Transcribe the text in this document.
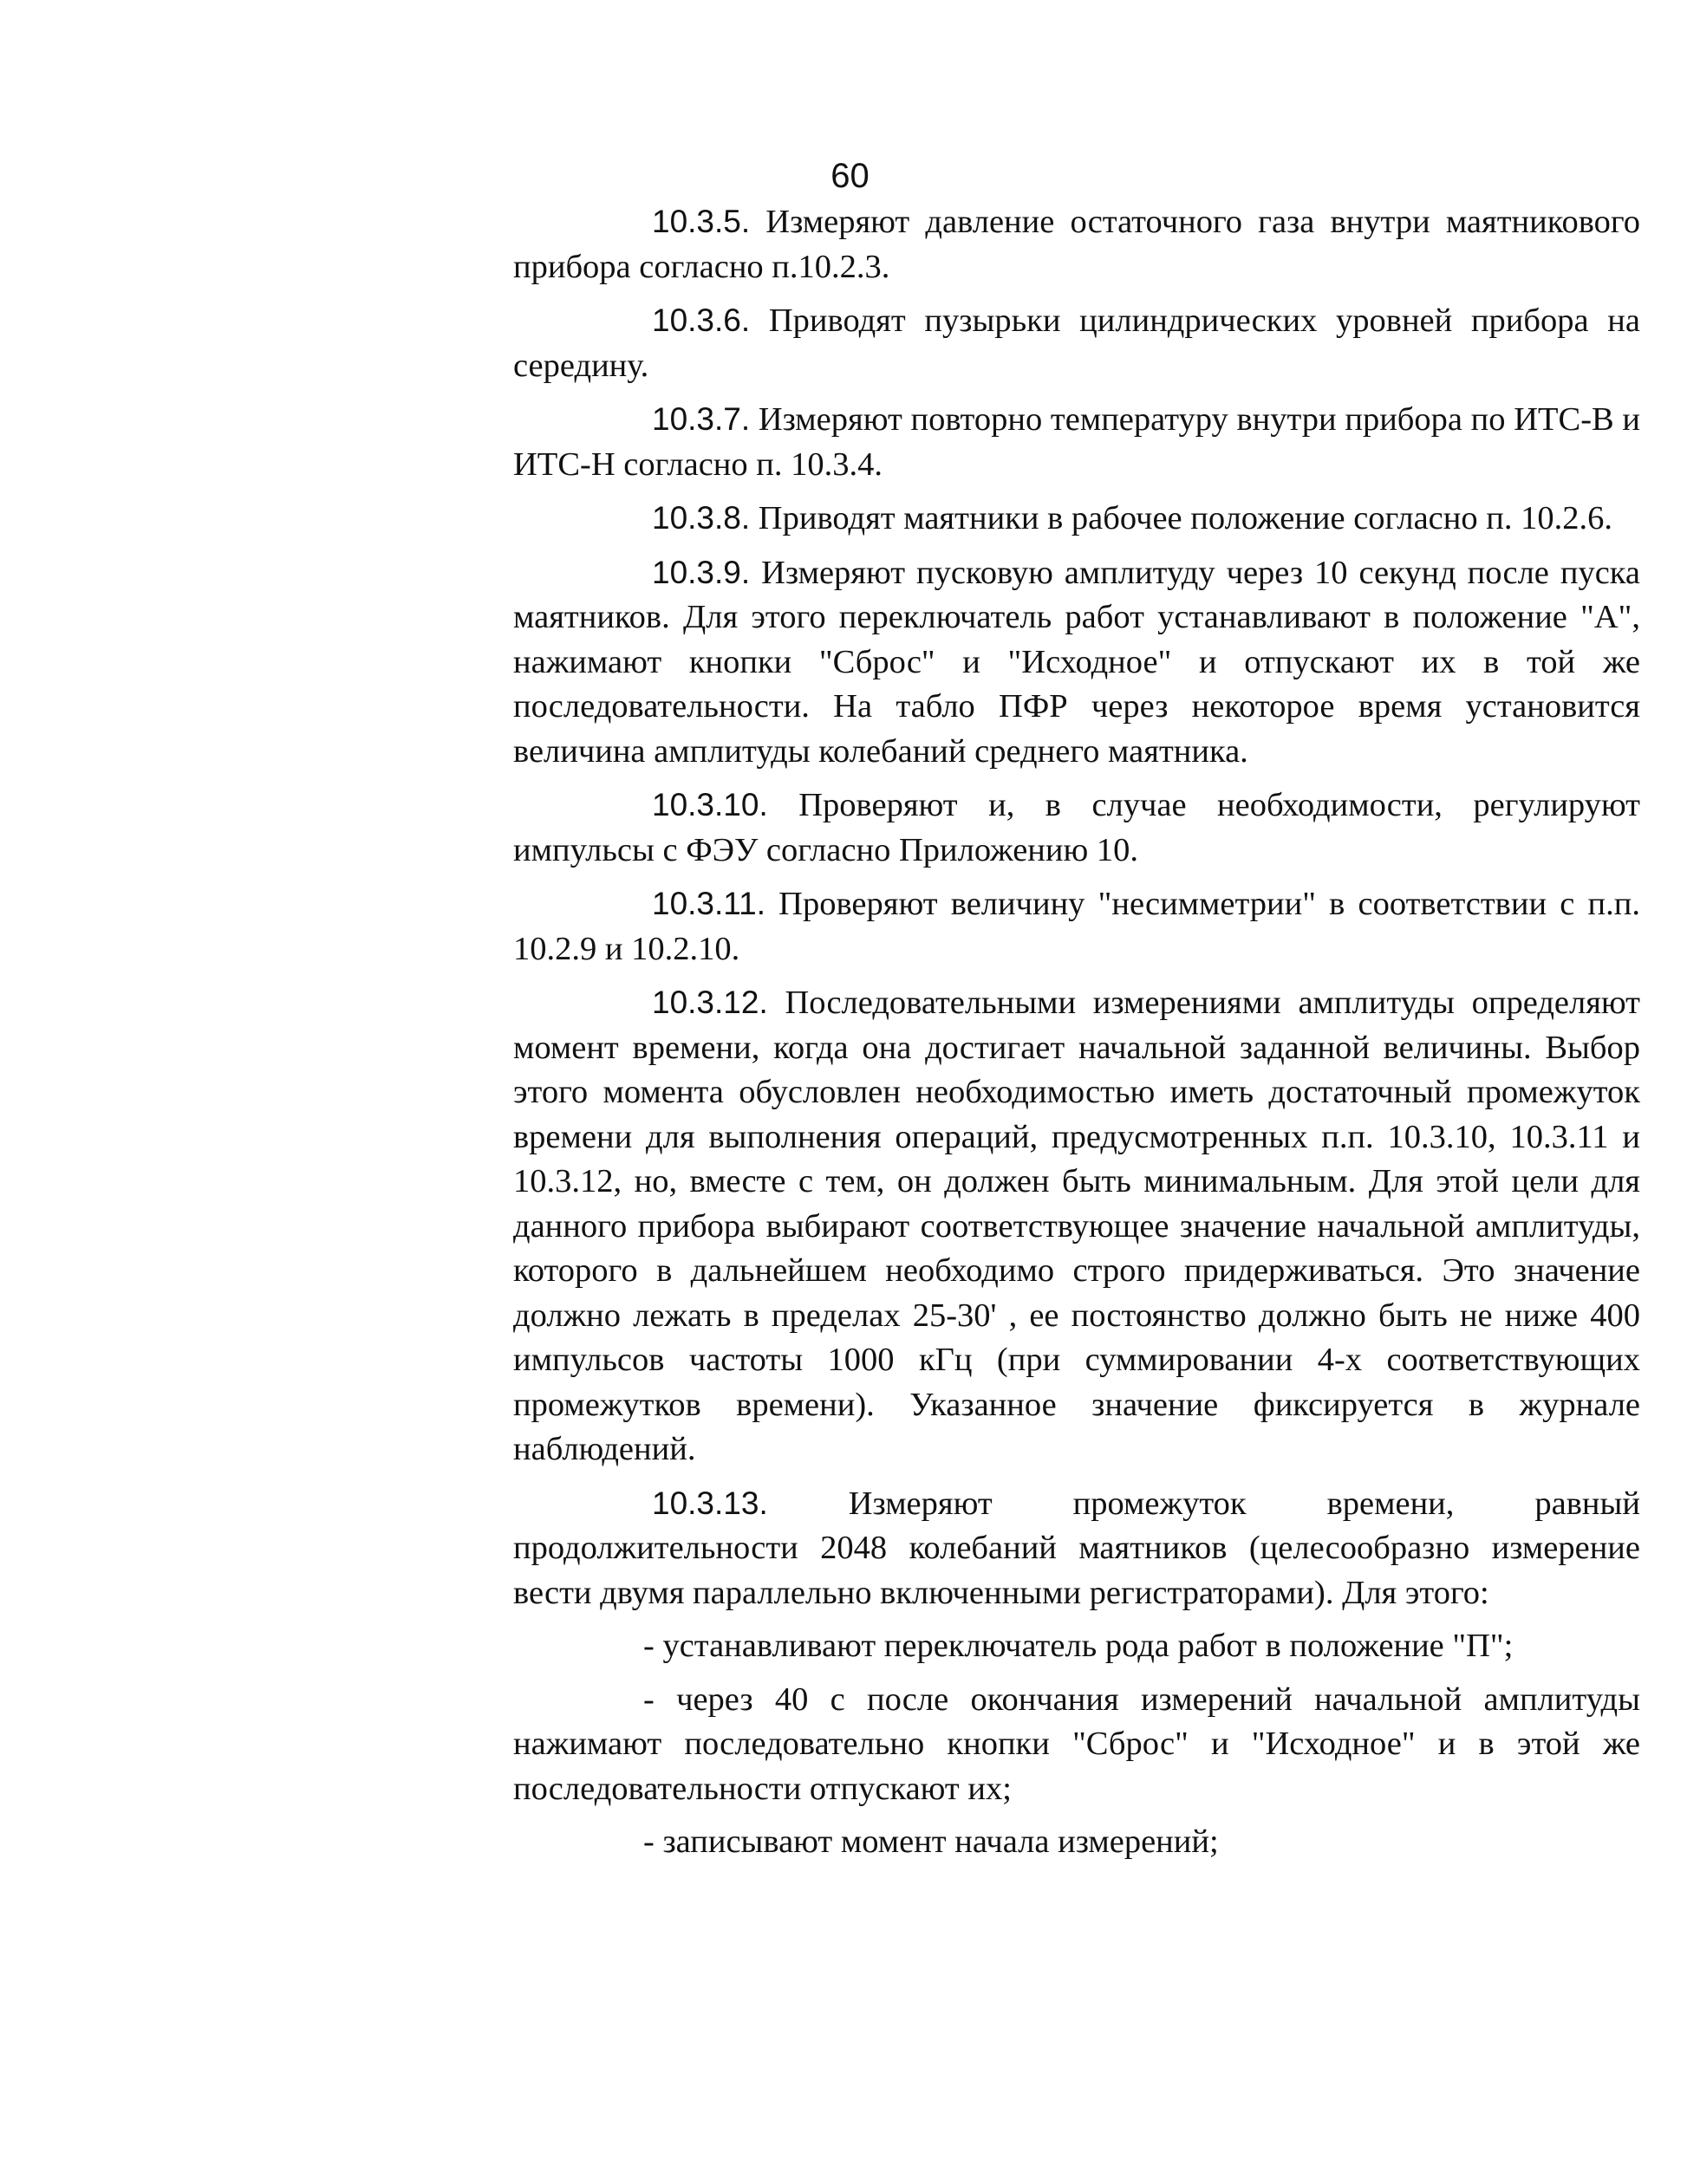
60

10.3.5. Измеряют давление остаточного газа внутри маятникового прибора согласно п.10.2.3.

10.3.6. Приводят пузырьки цилиндрических уровней прибора на середину.

10.3.7. Измеряют повторно температуру внутри прибора по ИТС-В и ИТС-Н согласно п. 10.3.4.

10.3.8. Приводят маятники в рабочее положение согласно п. 10.2.6.

10.3.9. Измеряют пусковую амплитуду через 10 секунд после пуска маятников. Для этого переключатель работ устанавливают в положение "А", нажимают кнопки "Сброс" и "Исходное" и отпускают их в той же последовательности. На табло ПФР через некоторое время установится величина амплитуды колебаний среднего маятника.

10.3.10. Проверяют и, в случае необходимости, регулируют импульсы с ФЭУ согласно Приложению 10.

10.3.11. Проверяют величину "несимметрии" в соответствии с п.п. 10.2.9 и 10.2.10.

10.3.12. Последовательными измерениями амплитуды определяют момент времени, когда она достигает начальной заданной величины. Выбор этого момента обусловлен необходимостью иметь достаточный промежуток времени для выполнения операций, предусмотренных п.п. 10.3.10, 10.3.11 и 10.3.12, но, вместе с тем, он должен быть минимальным. Для этой цели для данного прибора выбирают соответствующее значение начальной амплитуды, которого в дальнейшем необходимо строго придерживаться. Это значение должно лежать в пределах 25-30' , ее постоянство должно быть не ниже 400 импульсов частоты 1000 кГц (при суммировании 4-х соответствующих промежутков времени). Указанное значение фиксируется в журнале наблюдений.

10.3.13. Измеряют промежуток времени, равный продолжительности 2048 колебаний маятников (целесообразно измерение вести двумя параллельно включенными регистраторами). Для этого:

- устанавливают переключатель рода работ в положение "П";

- через 40 с после окончания измерений начальной амплитуды нажимают последовательно кнопки "Сброс" и "Исходное" и в этой же последовательности отпускают их;

- записывают момент начала измерений;
